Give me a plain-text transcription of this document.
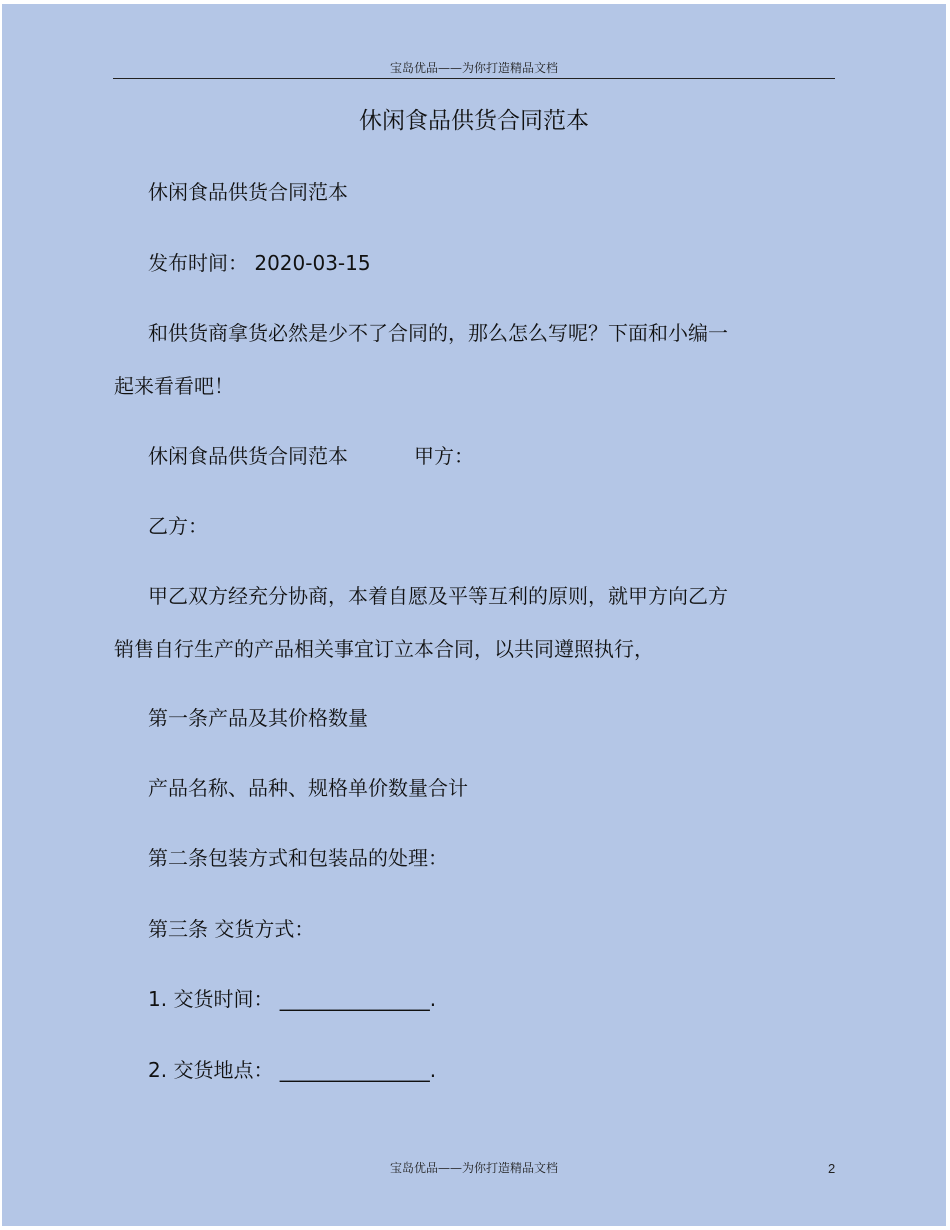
宝岛优品——为你打造精品文档
休闲食品供货合同范本
休闲食品供货合同范本
发布时间： 2020-03-15
和供货商拿货必然是少不了合同的，那么怎么写呢？下面和小编一
起来看看吧！
休闲食品供货合同范本	甲方：
乙方：
甲乙双方经充分协商，本着自愿及平等互利的原则，就甲方向乙方
销售自行生产的产品相关事宜订立本合同，以共同遵照执行，
第一条产品及其价格数量
产品名称、品种、规格单价数量合计
第二条包装方式和包装品的处理：
第三条 交货方式：
1. 交货时间： _______________.
2. 交货地点： _______________.
宝岛优品——为你打造精品文档	2
